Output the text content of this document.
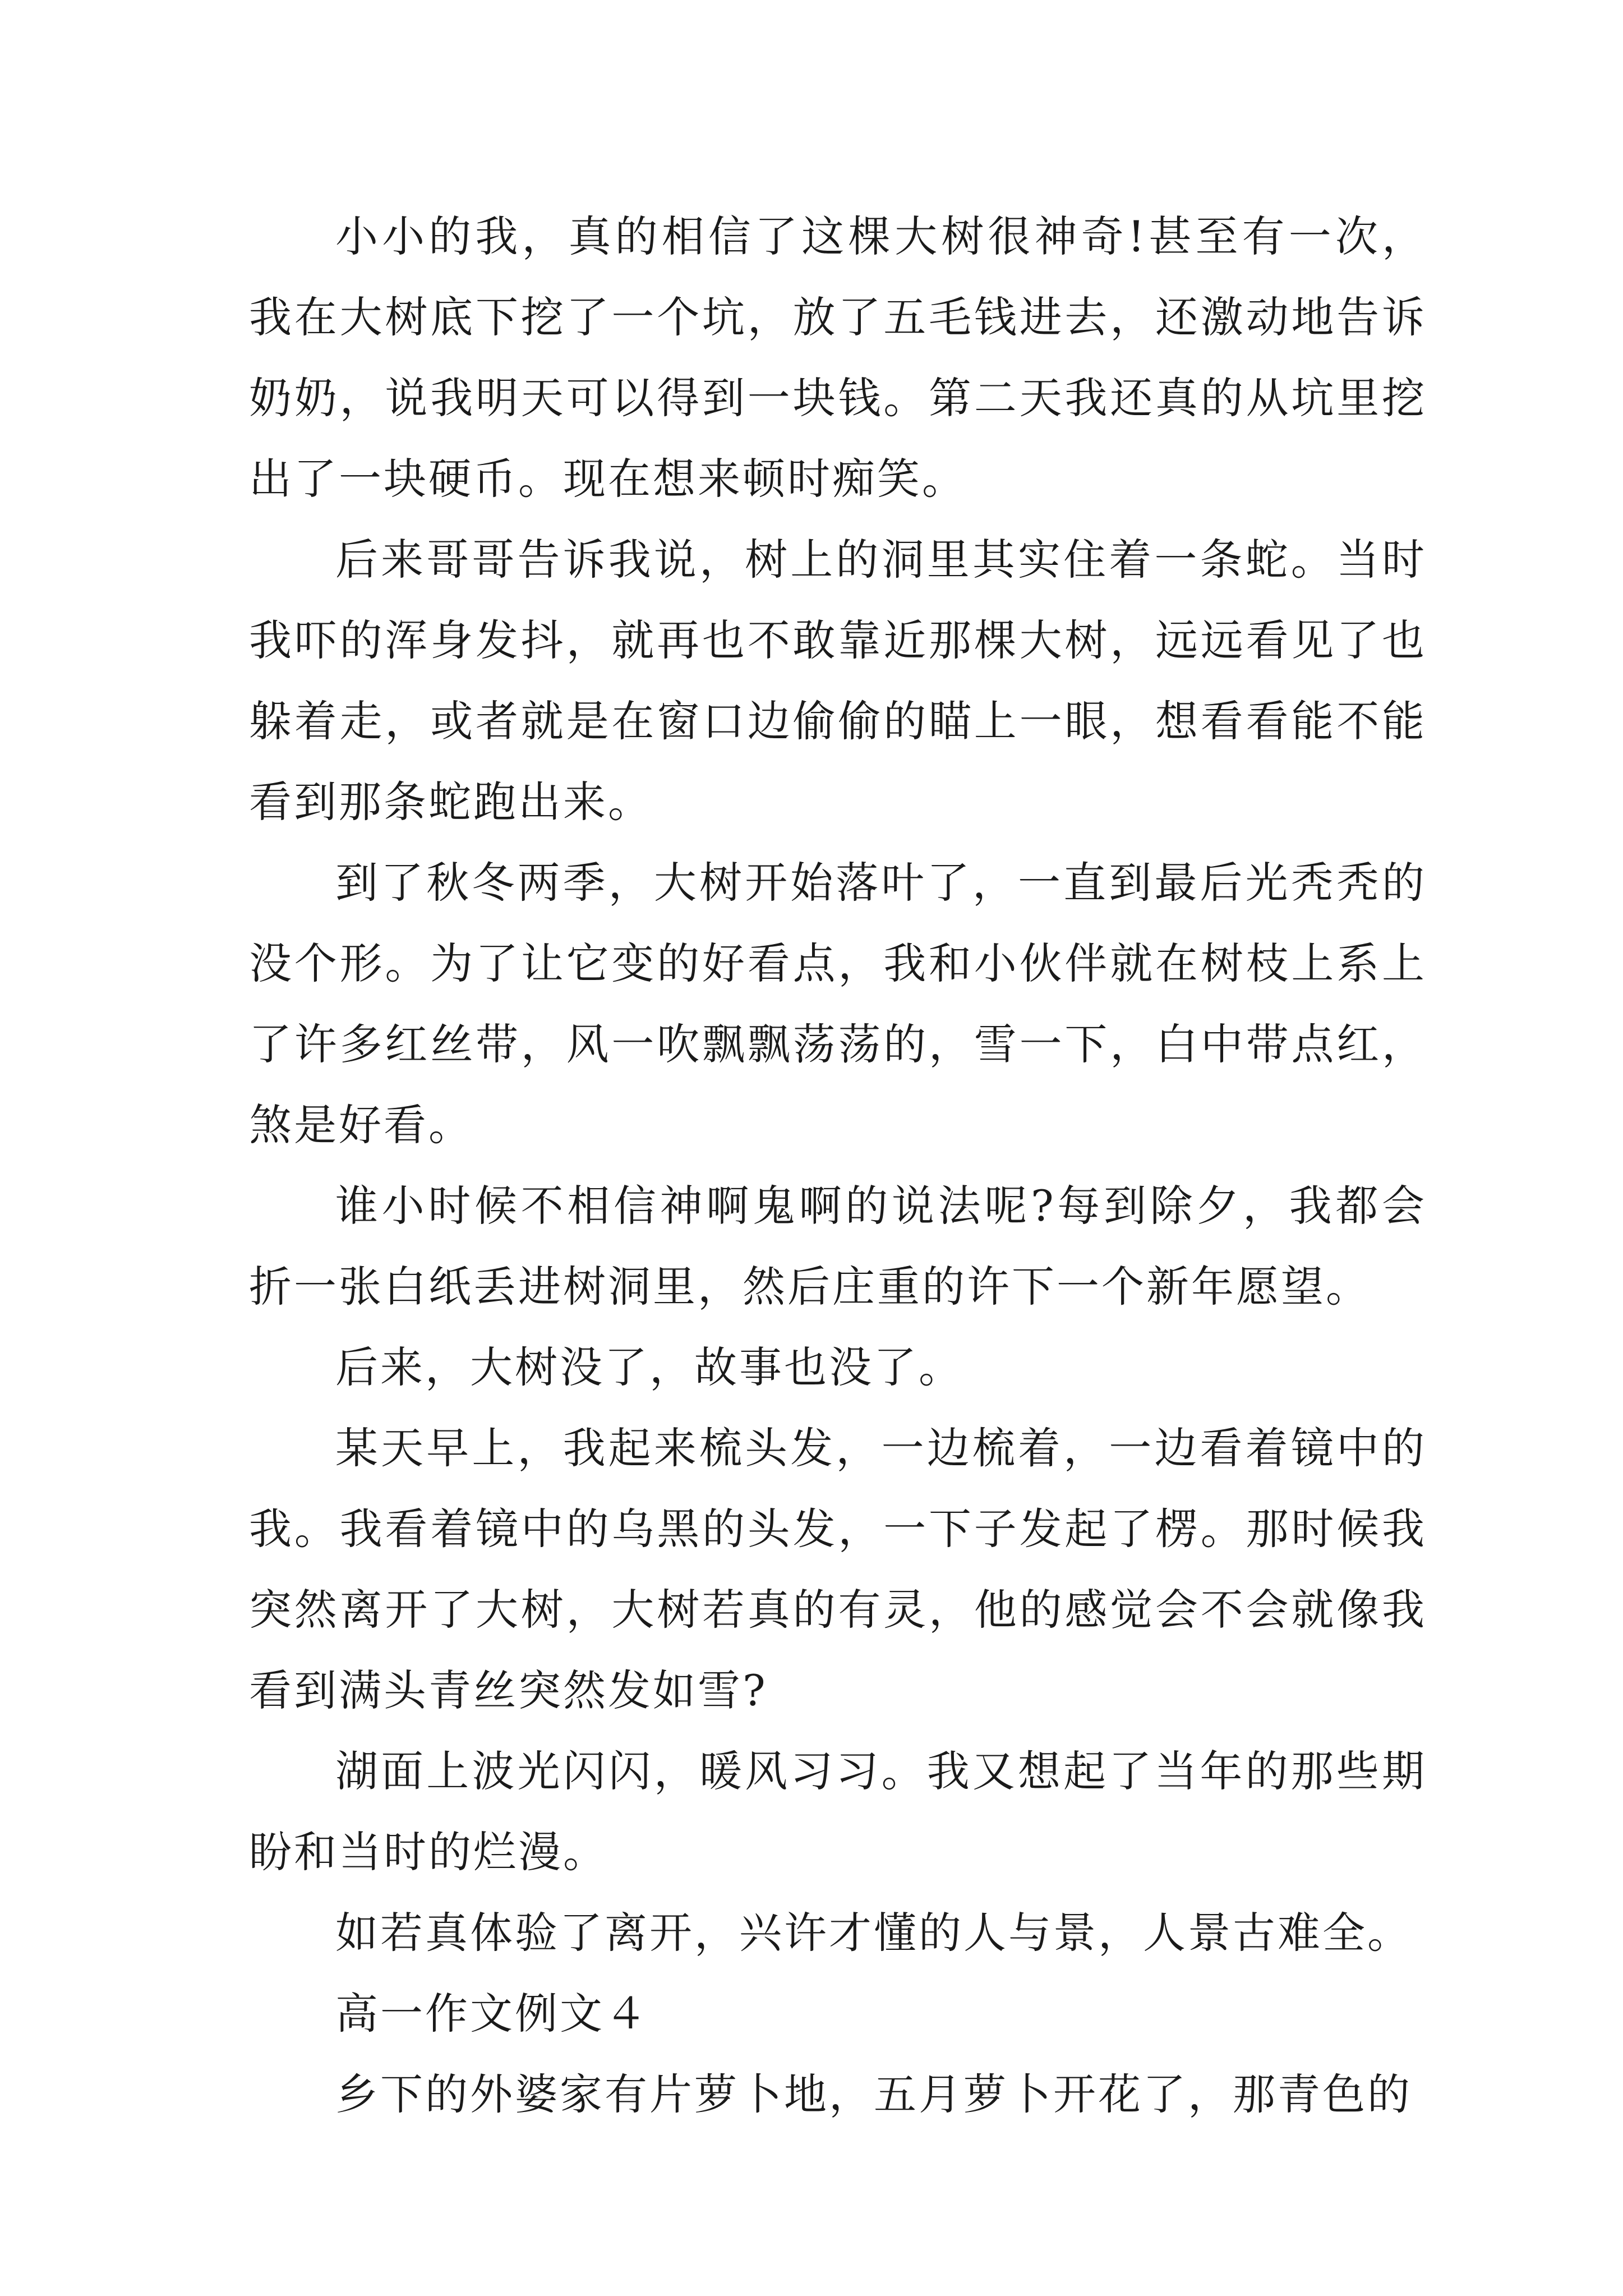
小小的我，真的相信了这棵大树很神奇!甚至有一次，我在大树底下挖了一个坑，放了五毛钱进去，还激动地告诉奶奶，说我明天可以得到一块钱。第二天我还真的从坑里挖出了一块硬币。现在想来顿时痴笑。

后来哥哥告诉我说，树上的洞里其实住着一条蛇。当时我吓的浑身发抖，就再也不敢靠近那棵大树，远远看见了也躲着走，或者就是在窗口边偷偷的瞄上一眼，想看看能不能看到那条蛇跑出来。

到了秋冬两季，大树开始落叶了，一直到最后光秃秃的没个形。为了让它变的好看点，我和小伙伴就在树枝上系上了许多红丝带，风一吹飘飘荡荡的，雪一下，白中带点红，煞是好看。

谁小时候不相信神啊鬼啊的说法呢?每到除夕，我都会折一张白纸丢进树洞里，然后庄重的许下一个新年愿望。

后来，大树没了，故事也没了。

某天早上，我起来梳头发，一边梳着，一边看着镜中的我。我看着镜中的乌黑的头发，一下子发起了楞。那时候我突然离开了大树，大树若真的有灵，他的感觉会不会就像我看到满头青丝突然发如雪?

湖面上波光闪闪，暖风习习。我又想起了当年的那些期盼和当时的烂漫。

如若真体验了离开，兴许才懂的人与景，人景古难全。

高一作文例文４

乡下的外婆家有片萝卜地，五月萝卜开花了，那青色的
